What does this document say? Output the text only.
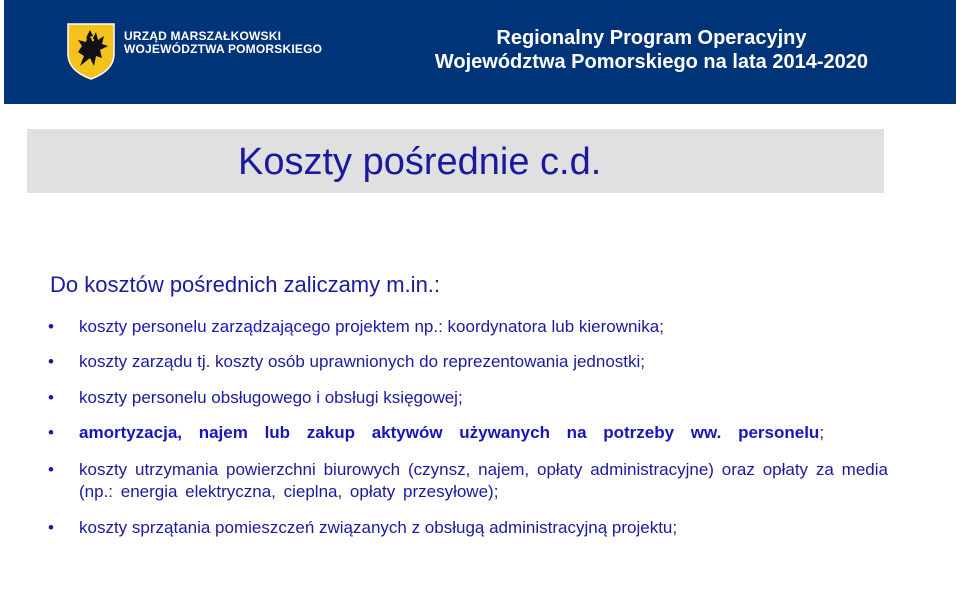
URZĄD MARSZAŁKOWSKI
WOJEWÓDZTWA POMORSKIEGO	Regionalny Program Operacyjny
Województwa Pomorskiego na lata 2014-2020
Koszty pośrednie c.d.

Do kosztów pośrednich zaliczamy m.in.:

• koszty personelu zarządzającego projektem np.: koordynatora lub kierownika;
• koszty zarządu tj. koszty osób uprawnionych do reprezentowania jednostki;
• koszty personelu obsługowego i obsługi księgowej;
• amortyzacja, najem lub zakup aktywów używanych na potrzeby ww. personelu;
• koszty utrzymania powierzchni biurowych (czynsz, najem, opłaty administracyjne) oraz opłaty za media (np.: energia elektryczna, cieplna, opłaty przesyłowe);
• koszty sprzątania pomieszczeń związanych z obsługą administracyjną projektu;
